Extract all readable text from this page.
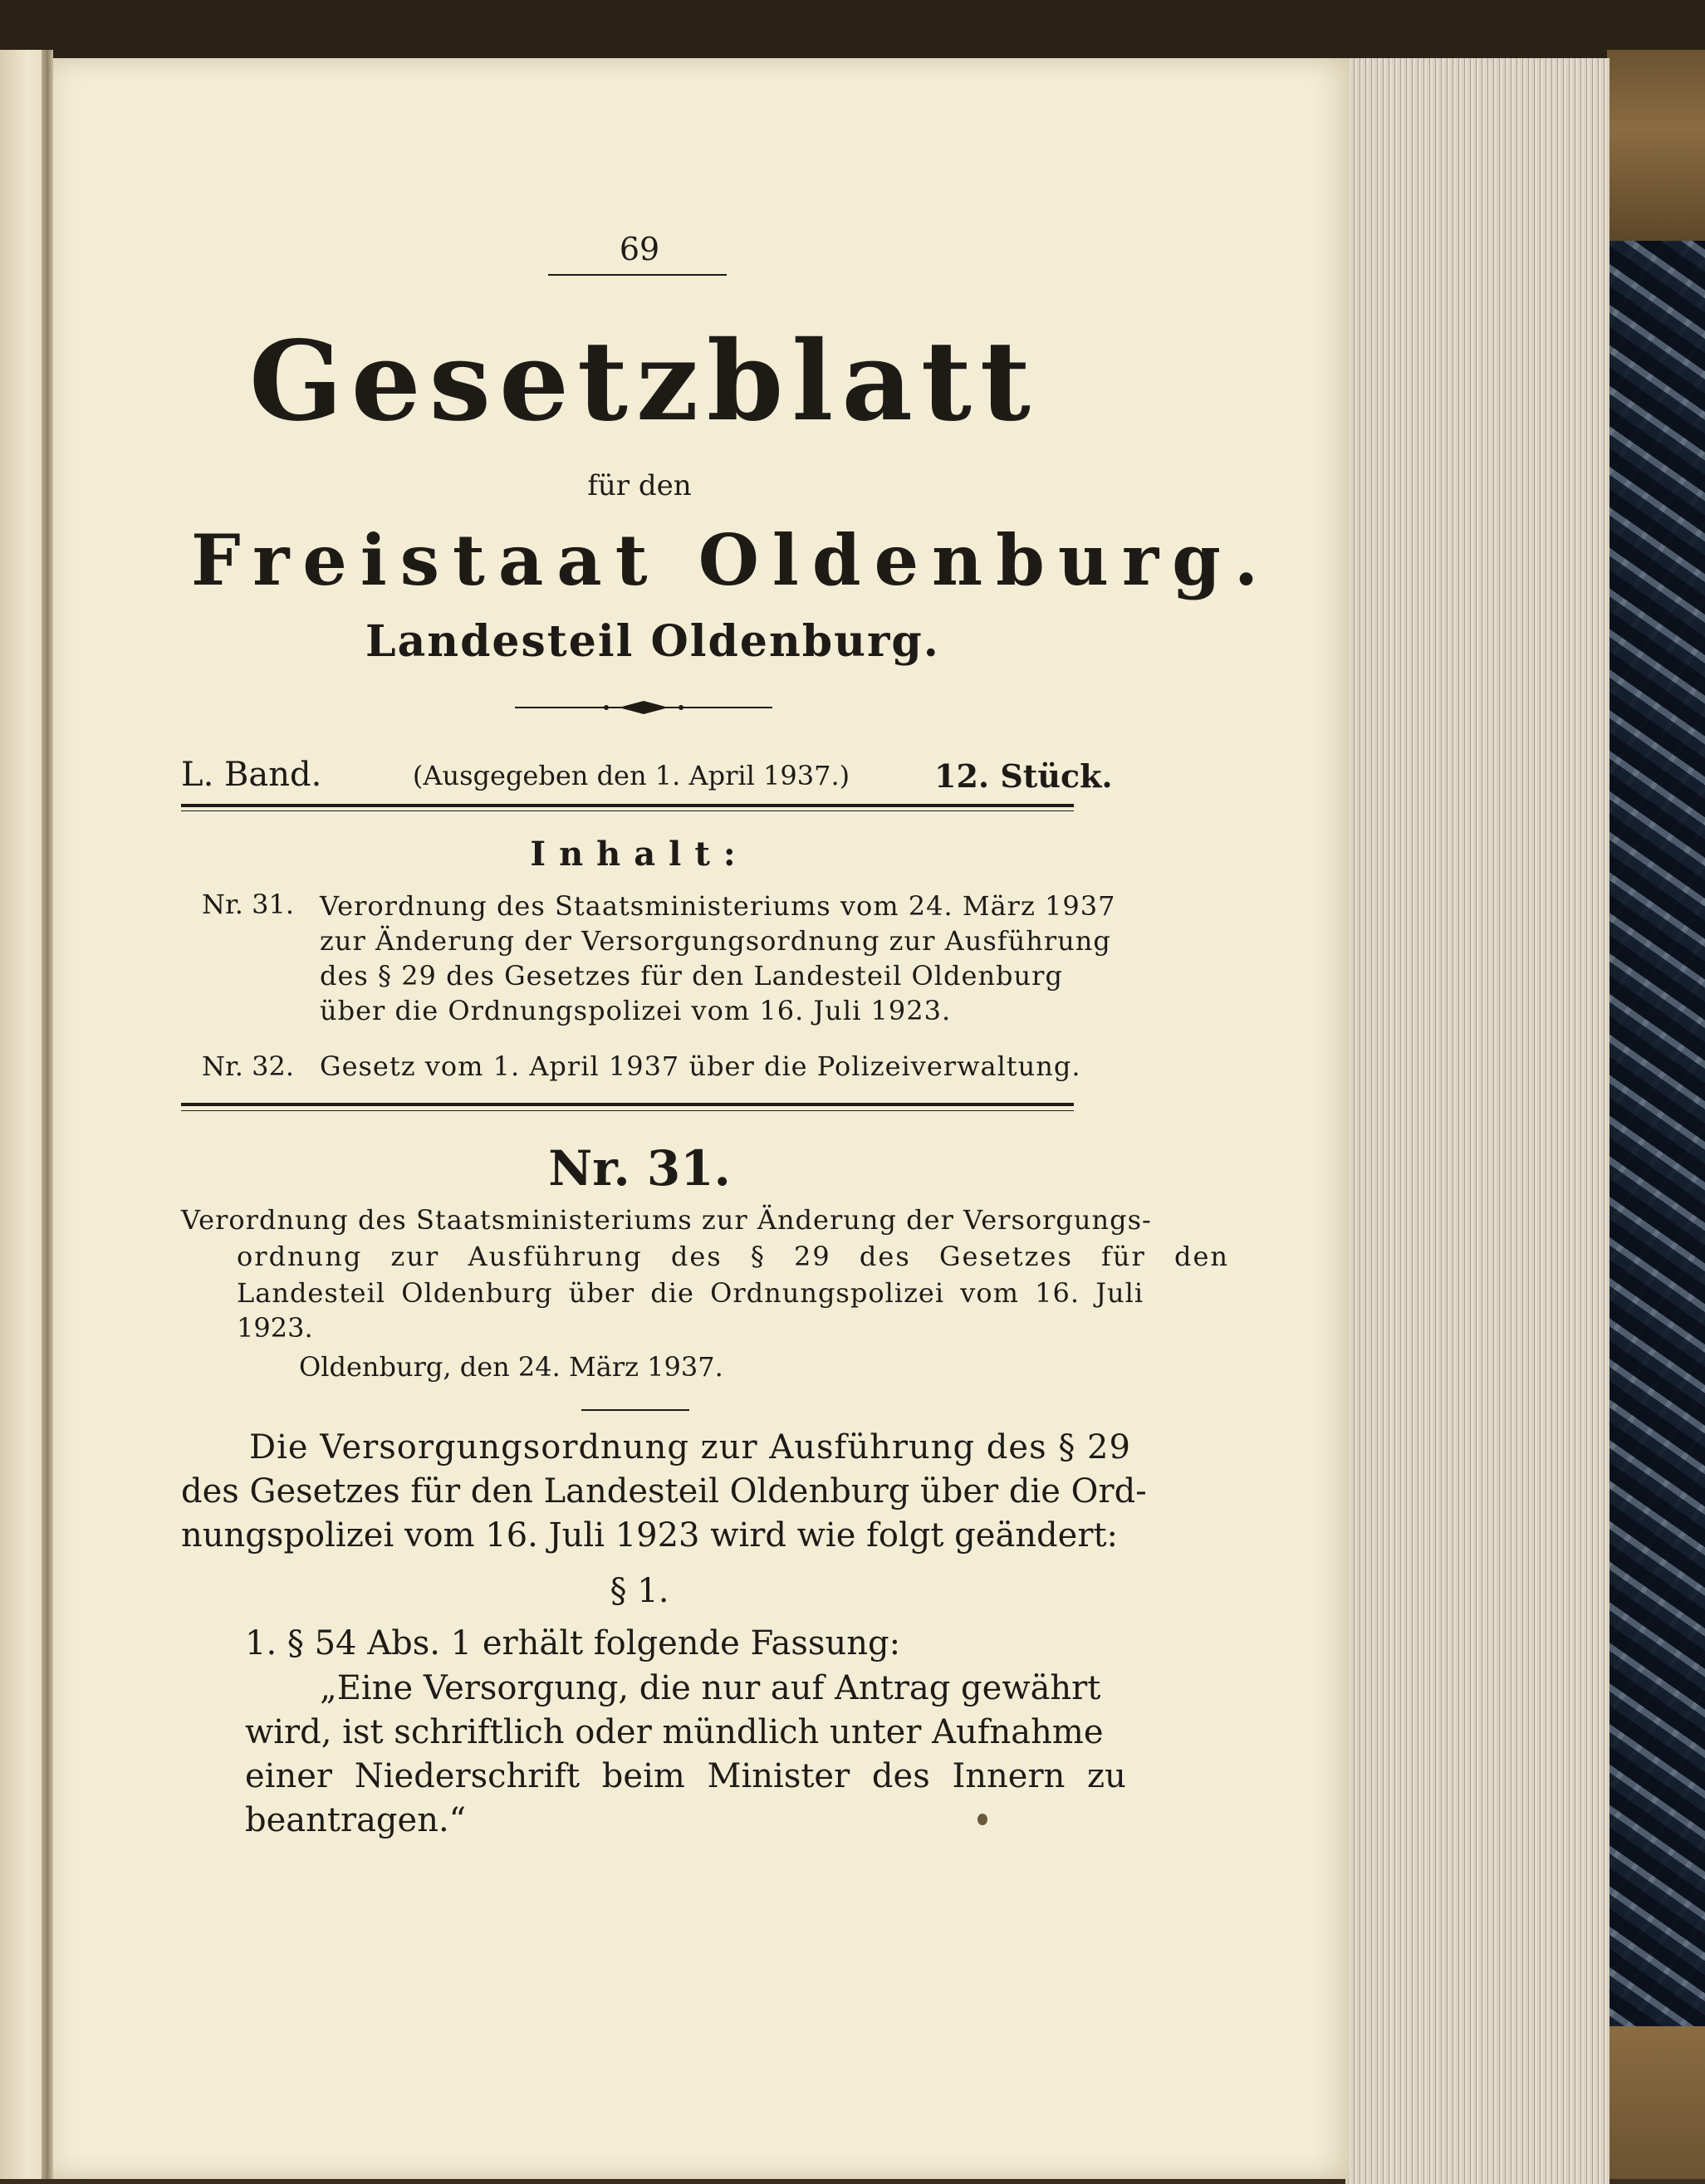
69
Gesetzblatt
für den
Freistaat Oldenburg.
Landesteil Oldenburg.
L. Band.	(Ausgegeben den 1. April 1937.)	12. Stück.
Inhalt:
Nr. 31. Verordnung des Staatsministeriums vom 24. März 1937
zur Änderung der Versorgungsordnung zur Ausführung
des § 29 des Gesetzes für den Landesteil Oldenburg
über die Ordnungspolizei vom 16. Juli 1923.
Nr. 32. Gesetz vom 1. April 1937 über die Polizeiverwaltung.
Nr. 31.
Verordnung des Staatsministeriums zur Änderung der Versorgungs-
ordnung zur Ausführung des § 29 des Gesetzes für den
Landesteil Oldenburg über die Ordnungspolizei vom 16. Juli
1923.
Oldenburg, den 24. März 1937.
Die Versorgungsordnung zur Ausführung des § 29
des Gesetzes für den Landesteil Oldenburg über die Ord-
nungspolizei vom 16. Juli 1923 wird wie folgt geändert:
§ 1.
1. § 54 Abs. 1 erhält folgende Fassung:
„Eine Versorgung, die nur auf Antrag gewährt
wird, ist schriftlich oder mündlich unter Aufnahme
einer Niederschrift beim Minister des Innern zu
beantragen.“
